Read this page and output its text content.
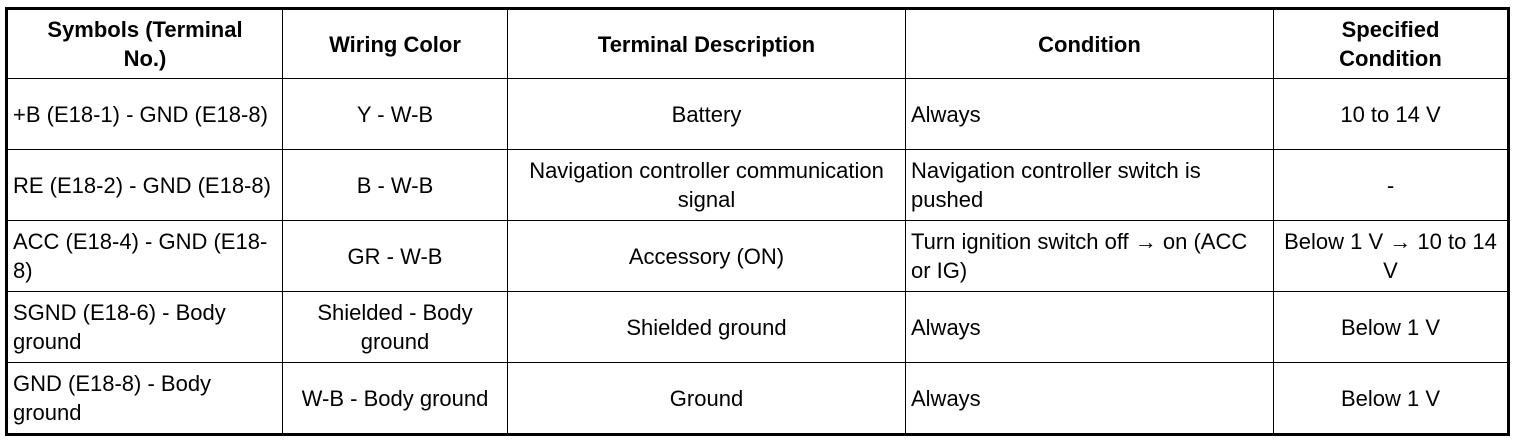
Symbols (Terminal No.)	Wiring Color	Terminal Description	Condition	Specified Condition
+B (E18-1) - GND (E18-8)	Y - W-B	Battery	Always	10 to 14 V
RE (E18-2) - GND (E18-8)	B - W-B	Navigation controller communication signal	Navigation controller switch is pushed	-
ACC (E18-4) - GND (E18-8)	GR - W-B	Accessory (ON)	Turn ignition switch off → on (ACC or IG)	Below 1 V → 10 to 14 V
SGND (E18-6) - Body ground	Shielded - Body ground	Shielded ground	Always	Below 1 V
GND (E18-8) - Body ground	W-B - Body ground	Ground	Always	Below 1 V
